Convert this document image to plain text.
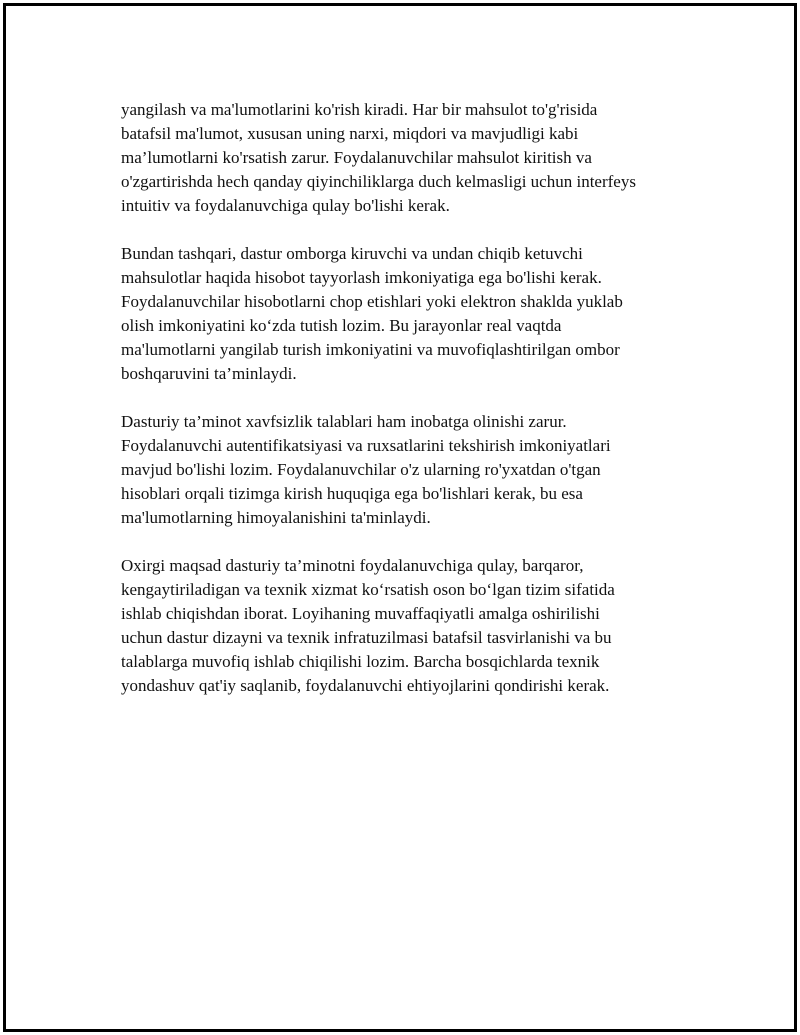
yangilash va ma'lumotlarini ko'rish kiradi. Har bir mahsulot to'g'risida
batafsil ma'lumot, xususan uning narxi, miqdori va mavjudligi kabi
ma’lumotlarni ko'rsatish zarur. Foydalanuvchilar mahsulot kiritish va
o'zgartirishda hech qanday qiyinchiliklarga duch kelmasligi uchun interfeys
intuitiv va foydalanuvchiga qulay bo'lishi kerak.

Bundan tashqari, dastur omborga kiruvchi va undan chiqib ketuvchi
mahsulotlar haqida hisobot tayyorlash imkoniyatiga ega bo'lishi kerak.
Foydalanuvchilar hisobotlarni chop etishlari yoki elektron shaklda yuklab
olish imkoniyatini koʻzda tutish lozim. Bu jarayonlar real vaqtda
ma'lumotlarni yangilab turish imkoniyatini va muvofiqlashtirilgan ombor
boshqaruvini ta’minlaydi.

Dasturiy ta’minot xavfsizlik talablari ham inobatga olinishi zarur.
Foydalanuvchi autentifikatsiyasi va ruxsatlarini tekshirish imkoniyatlari
mavjud bo'lishi lozim. Foydalanuvchilar o'z ularning ro'yxatdan o'tgan
hisoblari orqali tizimga kirish huquqiga ega bo'lishlari kerak, bu esa
ma'lumotlarning himoyalanishini ta'minlaydi.

Oxirgi maqsad dasturiy ta’minotni foydalanuvchiga qulay, barqaror,
kengaytiriladigan va texnik xizmat koʻrsatish oson boʻlgan tizim sifatida
ishlab chiqishdan iborat. Loyihaning muvaffaqiyatli amalga oshirilishi
uchun dastur dizayni va texnik infratuzilmasi batafsil tasvirlanishi va bu
talablarga muvofiq ishlab chiqilishi lozim. Barcha bosqichlarda texnik
yondashuv qat'iy saqlanib, foydalanuvchi ehtiyojlarini qondirishi kerak.
